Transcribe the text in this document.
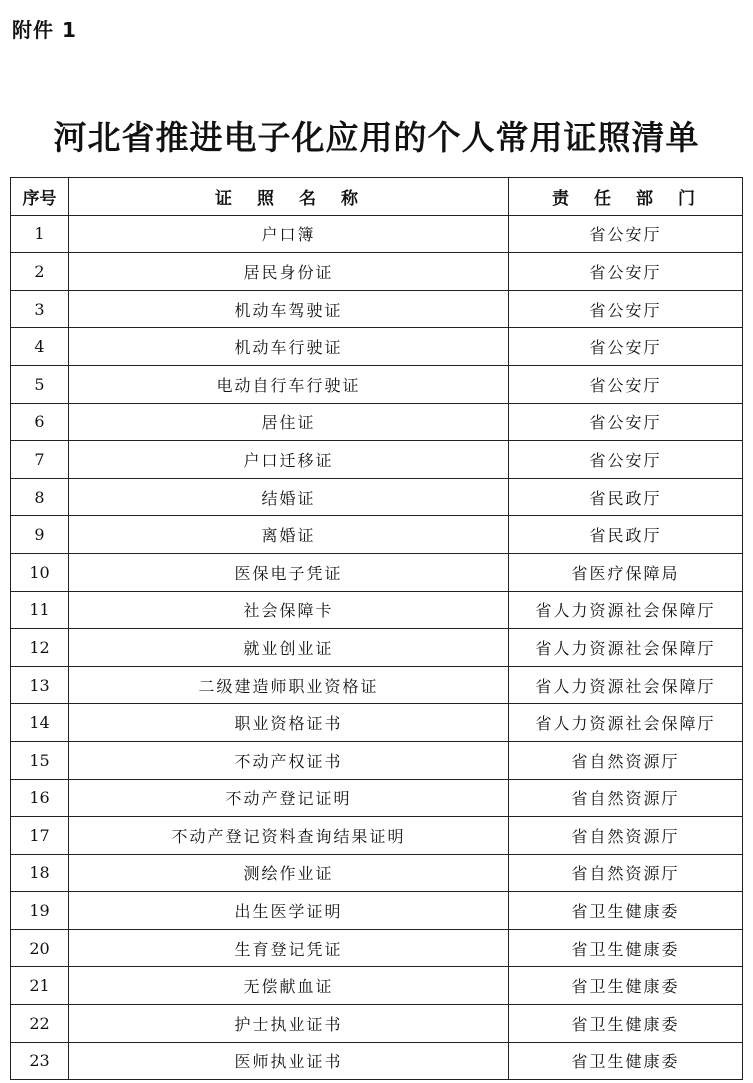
附件 1

河北省推进电子化应用的个人常用证照清单
序号	证　照　名　称	责　任　部　门
1	户口簿	省公安厅
2	居民身份证	省公安厅
3	机动车驾驶证	省公安厅
4	机动车行驶证	省公安厅
5	电动自行车行驶证	省公安厅
6	居住证	省公安厅
7	户口迁移证	省公安厅
8	结婚证	省民政厅
9	离婚证	省民政厅
10	医保电子凭证	省医疗保障局
11	社会保障卡	省人力资源社会保障厅
12	就业创业证	省人力资源社会保障厅
13	二级建造师职业资格证	省人力资源社会保障厅
14	职业资格证书	省人力资源社会保障厅
15	不动产权证书	省自然资源厅
16	不动产登记证明	省自然资源厅
17	不动产登记资料查询结果证明	省自然资源厅
18	测绘作业证	省自然资源厅
19	出生医学证明	省卫生健康委
20	生育登记凭证	省卫生健康委
21	无偿献血证	省卫生健康委
22	护士执业证书	省卫生健康委
23	医师执业证书	省卫生健康委
